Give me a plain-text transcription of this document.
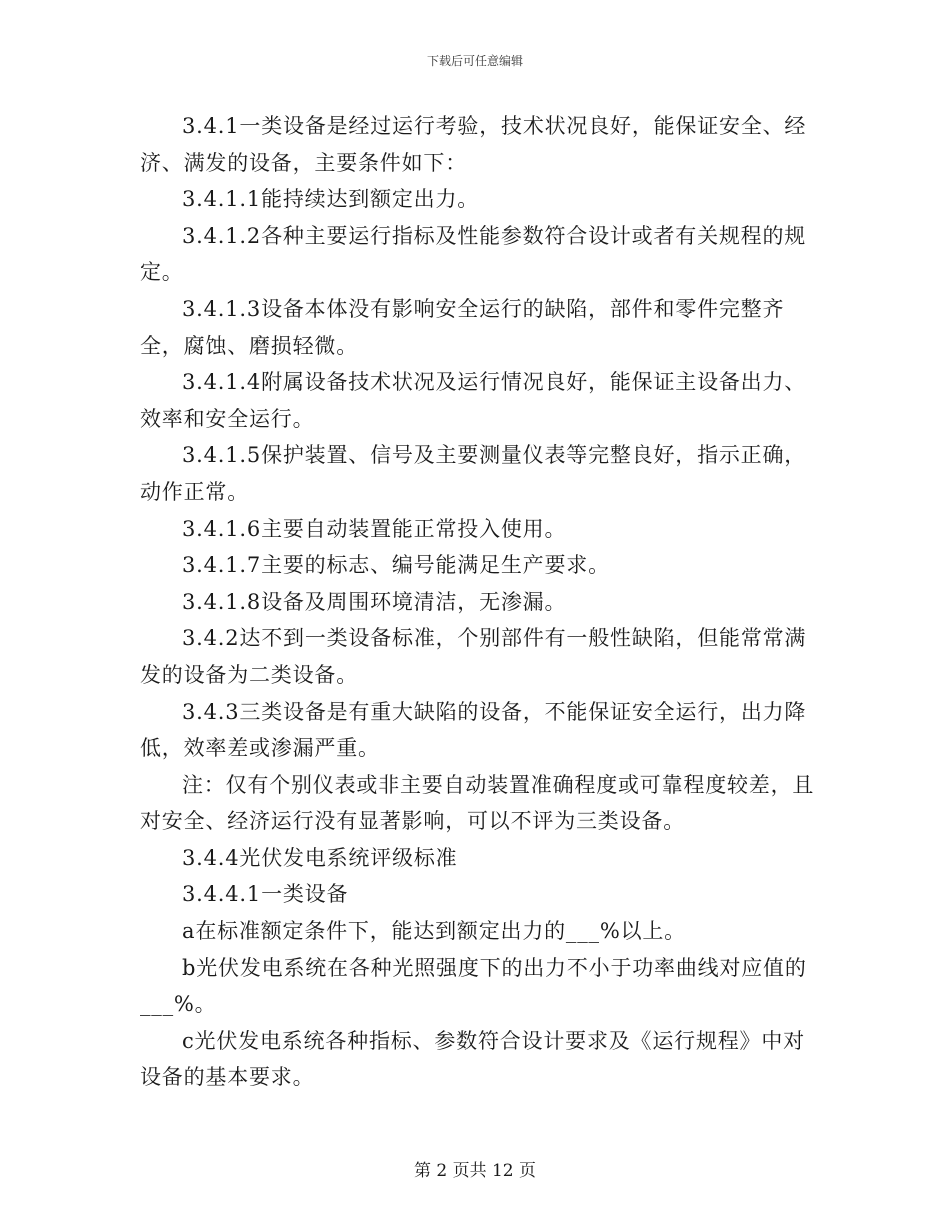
下载后可任意编辑

3.4.1一类设备是经过运行考验，技术状况良好，能保证安全、经济、满发的设备，主要条件如下：

3.4.1.1能持续达到额定出力。

3.4.1.2各种主要运行指标及性能参数符合设计或者有关规程的规定。

3.4.1.3设备本体没有影响安全运行的缺陷，部件和零件完整齐全，腐蚀、磨损轻微。

3.4.1.4附属设备技术状况及运行情况良好，能保证主设备出力、效率和安全运行。

3.4.1.5保护装置、信号及主要测量仪表等完整良好，指示正确，动作正常。

3.4.1.6主要自动装置能正常投入使用。

3.4.1.7主要的标志、编号能满足生产要求。

3.4.1.8设备及周围环境清洁，无渗漏。

3.4.2达不到一类设备标准，个别部件有一般性缺陷，但能常常满发的设备为二类设备。

3.4.3三类设备是有重大缺陷的设备，不能保证安全运行，出力降低，效率差或渗漏严重。

注：仅有个别仪表或非主要自动装置准确程度或可靠程度较差，且对安全、经济运行没有显著影响，可以不评为三类设备。

3.4.4光伏发电系统评级标准

3.4.4.1一类设备

a在标准额定条件下，能达到额定出力的___%以上。

b光伏发电系统在各种光照强度下的出力不小于功率曲线对应值的___%。

c光伏发电系统各种指标、参数符合设计要求及《运行规程》中对设备的基本要求。

第 2 页共 12 页
